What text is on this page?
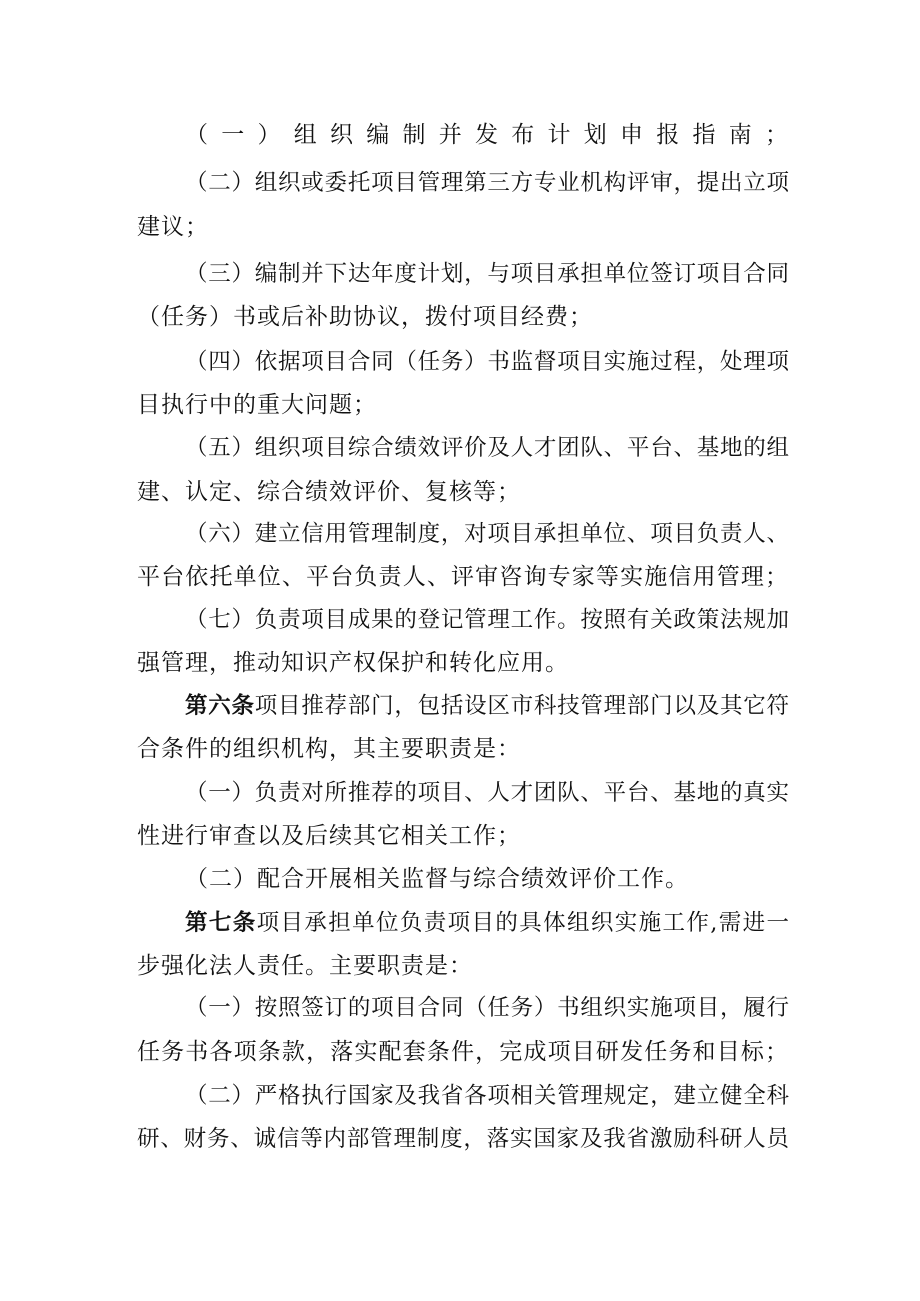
（一）组织编制并发布计划申报指南；
（二）组织或委托项目管理第三方专业机构评审，提出立项
建议；
（三）编制并下达年度计划，与项目承担单位签订项目合同
（任务）书或后补助协议，拨付项目经费；
（四）依据项目合同（任务）书监督项目实施过程，处理项
目执行中的重大问题；
（五）组织项目综合绩效评价及人才团队、平台、基地的组
建、认定、综合绩效评价、复核等；
（六）建立信用管理制度，对项目承担单位、项目负责人、
平台依托单位、平台负责人、评审咨询专家等实施信用管理；
（七）负责项目成果的登记管理工作。按照有关政策法规加
强管理，推动知识产权保护和转化应用。
第六条项目推荐部门，包括设区市科技管理部门以及其它符
合条件的组织机构，其主要职责是：
（一）负责对所推荐的项目、人才团队、平台、基地的真实
性进行审查以及后续其它相关工作；
（二）配合开展相关监督与综合绩效评价工作。
第七条项目承担单位负责项目的具体组织实施工作,需进一
步强化法人责任。主要职责是：
（一）按照签订的项目合同（任务）书组织实施项目，履行
任务书各项条款，落实配套条件，完成项目研发任务和目标；
（二）严格执行国家及我省各项相关管理规定，建立健全科
研、财务、诚信等内部管理制度，落实国家及我省激励科研人员
